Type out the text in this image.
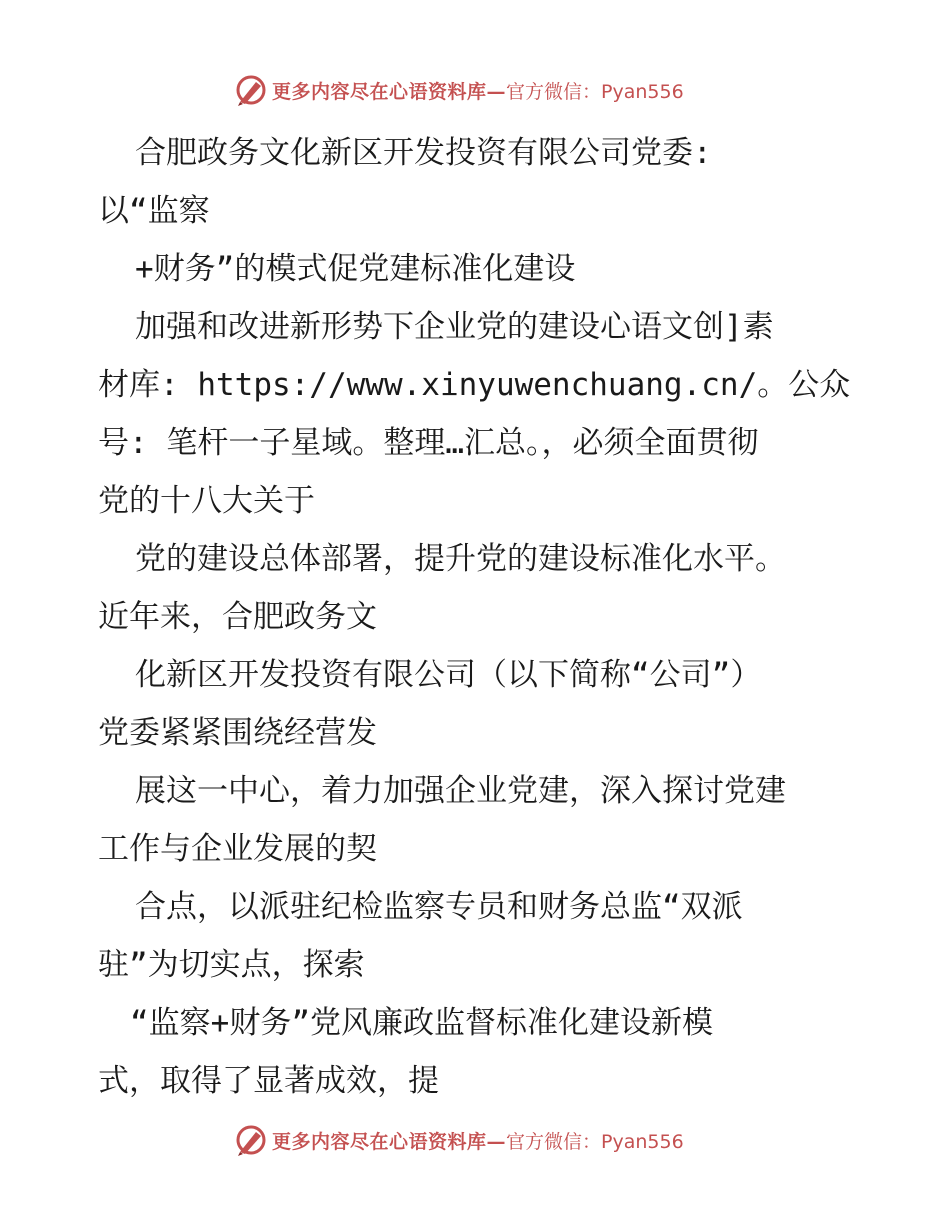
更多内容尽在心语资料库— 官方微信：Pyan556
合肥政务文化新区开发投资有限公司党委:
以“监察
+财务”的模式促党建标准化建设
加强和改进新形势下企业党的建设心语文创]素
材库: https://www.xinyuwenchuang.cn/。公众
号: 笔杆一子星域。整理…汇总。，必须全面贯彻
党的十八大关于
党的建设总体部署，提升党的建设标准化水平。
近年来，合肥政务文
化新区开发投资有限公司（以下简称“公司”）
党委紧紧围绕经营发
展这一中心，着力加强企业党建，深入探讨党建
工作与企业发展的契
合点，以派驻纪检监察专员和财务总监“双派
驻”为切实点，探索
“监察+财务”党风廉政监督标准化建设新模
式，取得了显著成效，提
更多内容尽在心语资料库— 官方微信：Pyan556
